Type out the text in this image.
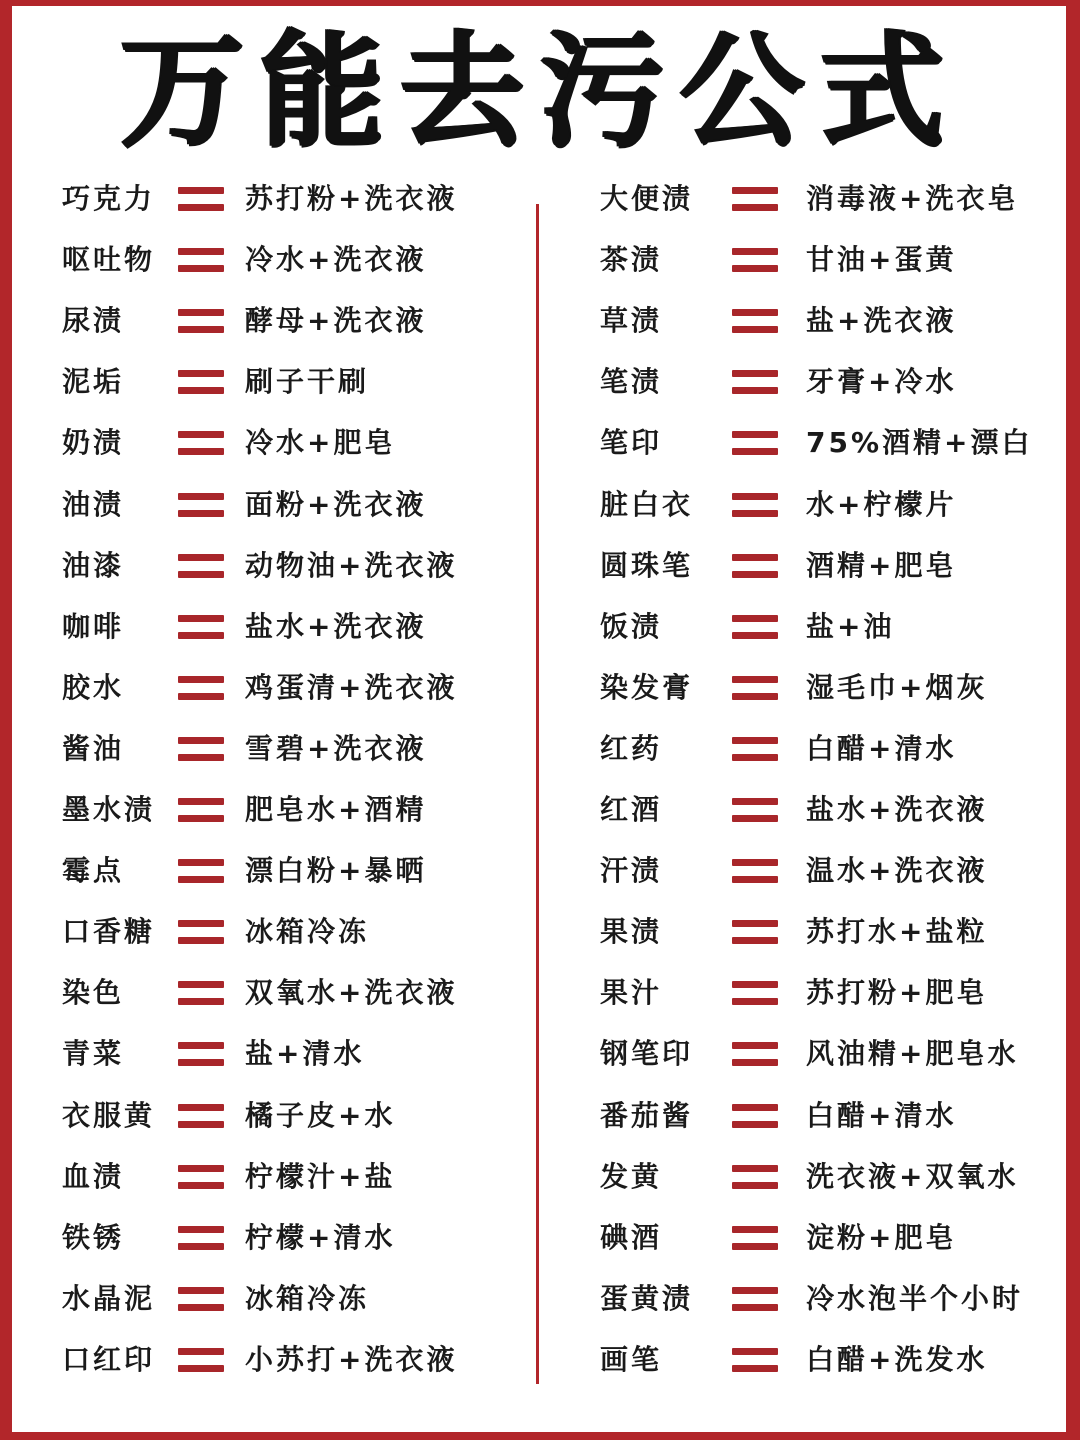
万能去污公式
巧克力	苏打粉+洗衣液
呕吐物	冷水+洗衣液
尿渍	酵母+洗衣液
泥垢	刷子干刷
奶渍	冷水+肥皂
油渍	面粉+洗衣液
油漆	动物油+洗衣液
咖啡	盐水+洗衣液
胶水	鸡蛋清+洗衣液
酱油	雪碧+洗衣液
墨水渍	肥皂水+酒精
霉点	漂白粉+暴晒
口香糖	冰箱冷冻
染色	双氧水+洗衣液
青菜	盐+清水
衣服黄	橘子皮+水
血渍	柠檬汁+盐
铁锈	柠檬+清水
水晶泥	冰箱冷冻
口红印	小苏打+洗衣液
大便渍	消毒液+洗衣皂
茶渍	甘油+蛋黄
草渍	盐+洗衣液
笔渍	牙膏+冷水
笔印	75%酒精+漂白
脏白衣	水+柠檬片
圆珠笔	酒精+肥皂
饭渍	盐+油
染发膏	湿毛巾+烟灰
红药	白醋+清水
红酒	盐水+洗衣液
汗渍	温水+洗衣液
果渍	苏打水+盐粒
果汁	苏打粉+肥皂
钢笔印	风油精+肥皂水
番茄酱	白醋+清水
发黄	洗衣液+双氧水
碘酒	淀粉+肥皂
蛋黄渍	冷水泡半个小时
画笔	白醋+洗发水
